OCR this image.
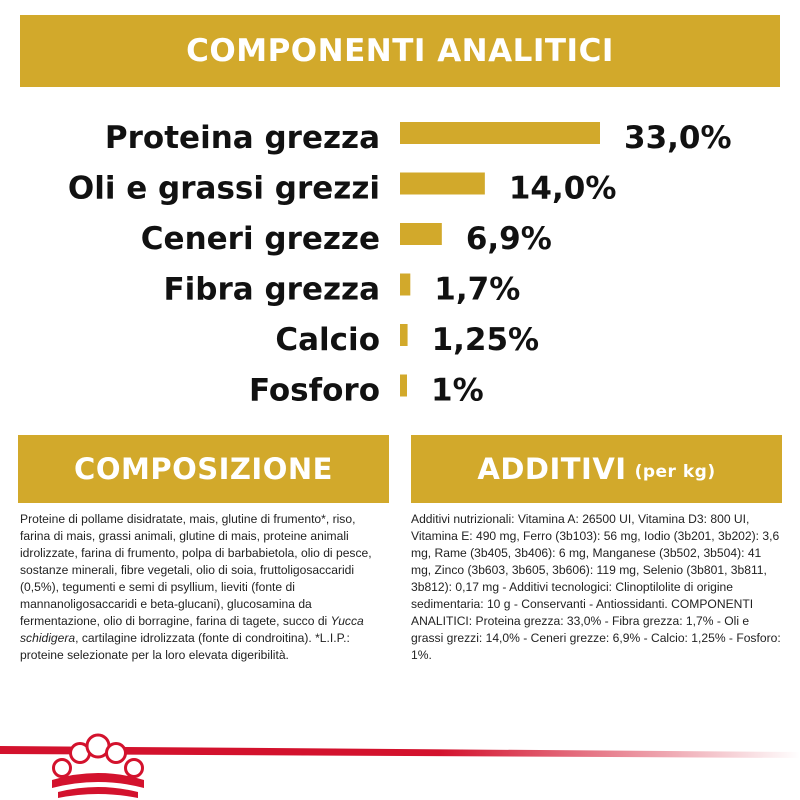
COMPONENTI ANALITICI
Proteina grezza	33,0%
Oli e grassi grezzi	14,0%
Ceneri grezze	6,9%
Fibra grezza 1,7%
Calcio 1,25%
Fosforo 1%
COMPOSIZIONE	ADDITIVI (per kg)
Proteine di pollame disidratate, mais, glutine di frumento*, riso, farina di mais, grassi animali, glutine di mais, proteine animali idrolizzate, farina di frumento, polpa di barbabietola, olio di pesce, sostanze minerali, fibre vegetali, olio di soia, fruttoligosaccaridi (0,5%), tegumenti e semi di psyllium, lieviti (fonte di mannanoligosaccaridi e beta-glucani), glucosamina da fermentazione, olio di borragine, farina di tagete, succo di Yucca schidigera, cartilagine idrolizzata (fonte di condroitina). *L.I.P.: proteine selezionate per la loro elevata digeribilità.
Additivi nutrizionali: Vitamina A: 26500 UI, Vitamina D3: 800 UI, Vitamina E: 490 mg, Ferro (3b103): 56 mg, Iodio (3b201, 3b202): 3,6 mg, Rame (3b405, 3b406): 6 mg, Manganese (3b502, 3b504): 41 mg, Zinco (3b603, 3b605, 3b606): 119 mg, Selenio (3b801, 3b811, 3b812): 0,17 mg - Additivi tecnologici: Clinoptilolite di origine sedimentaria: 10 g - Conservanti - Antiossidanti. COMPONENTI ANALITICI: Proteina grezza: 33,0% - Fibra grezza: 1,7% - Oli e grassi grezzi: 14,0% - Ceneri grezze: 6,9% - Calcio: 1,25% - Fosforo: 1%.
